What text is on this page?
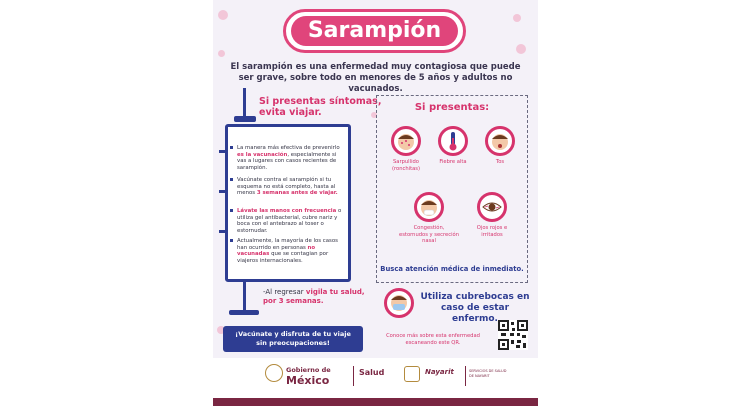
Sarampión
El sarampión es una enfermedad muy contagiosa que puede ser grave, sobre todo en menores de 5 años y adultos no vacunados.
Si presentas síntomas,
evita viajar.
La manera más efectiva de prevenirlo es la vacunación, especialmente si vas a lugares con casos recientes de sarampión.
Vacúnate contra el sarampión si tu esquema no está completo, hasta al menos 3 semanas antes de viajar.
Lávate las manos con frecuencia o utiliza gel antibacterial, cubre nariz y boca con el antebrazo al toser o estornudar.
Actualmente, la mayoría de los casos han ocurrido en personas no vacunadas que se contagian por viajeros internacionales.
-Al regresar vigila tu salud, por 3 semanas.
¡Vacúnate y disfruta de tu viaje
sin preocupaciones!
Si presentas:
Sarpullido (ronchitas)
Fiebre alta	Tos
Congestión, estornudos y secreción nasal
Ojos rojos e irritados
Busca atención médica de inmediato.
Utiliza cubrebocas en
caso de estar enfermo.
Conoce más sobre esta enfermedad escaneando este QR.
Gobierno de
México
Salud	Nayarit	SERVICIOS DE SALUD DE NAYARIT
